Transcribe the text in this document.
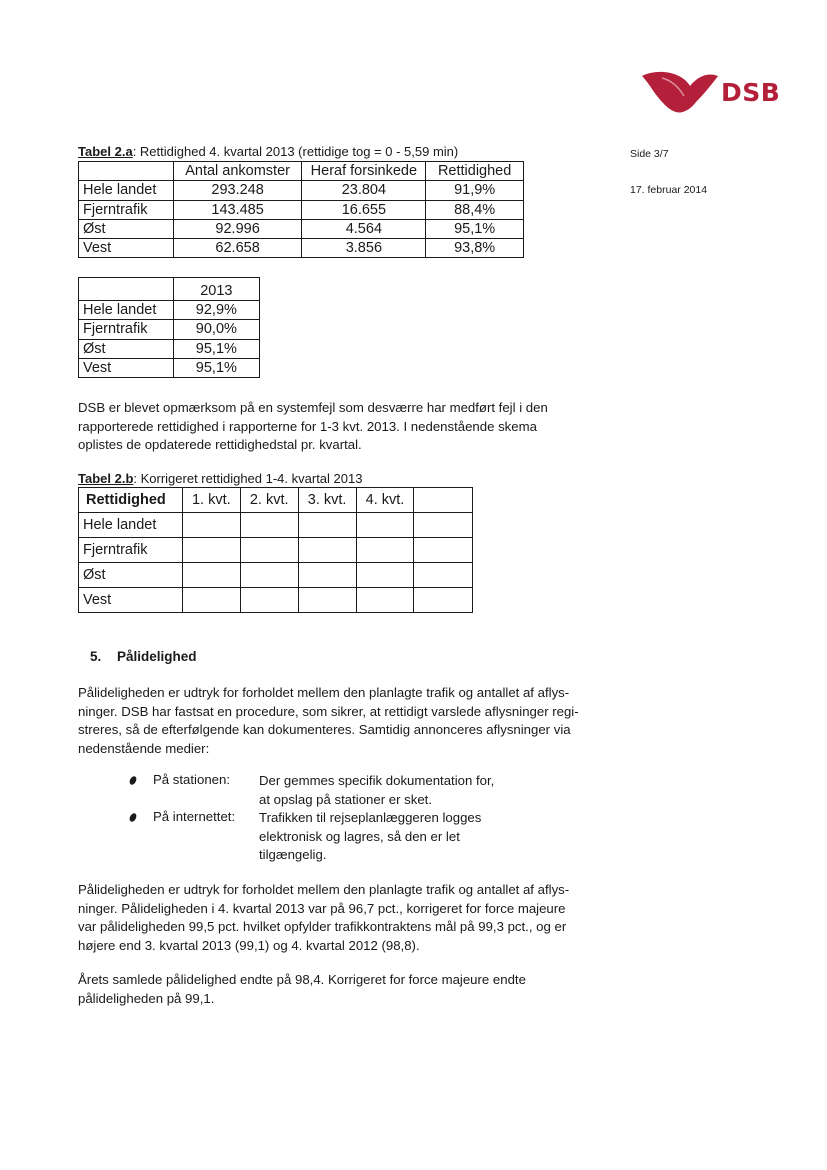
DSB
Side 3/7
17. februar 2014
Tabel 2.a: Rettidighed 4. kvartal 2013 (rettidige tog = 0 - 5,59 min)
	Antal ankomster	Heraf forsinkede	Rettidighed
Hele landet	293.248	23.804	91,9%
Fjerntrafik	143.485	16.655	88,4%
Øst	92.996	4.564	95,1%
Vest	62.658	3.856	93,8%
	2013
Hele landet	92,9%
Fjerntrafik	90,0%
Øst	95,1%
Vest	95,1%
DSB er blevet opmærksom på en systemfejl som desværre har medført fejl i den
rapporterede rettidighed i rapporterne for 1-3 kvt. 2013. I nedenstående skema
oplistes de opdaterede rettidighedstal pr. kvartal.
Tabel 2.b: Korrigeret rettidighed 1-4. kvartal 2013
Rettidighed	1. kvt.	2. kvt.	3. kvt.	4. kvt.	
Hele landet					
Fjerntrafik					
Øst					
Vest					
5. Pålidelighed
Pålideligheden er udtryk for forholdet mellem den planlagte trafik og antallet af aflys-
ninger. DSB har fastsat en procedure, som sikrer, at rettidigt varslede aflysninger regi-
streres, så de efterfølgende kan dokumenteres. Samtidig annonceres aflysninger via
nedenstående medier:
På stationen: Der gemmes specifik dokumentation for,
at opslag på stationer er sket.
På internettet: Trafikken til rejseplanlæggeren logges
elektronisk og lagres, så den er let
tilgængelig.
Pålideligheden er udtryk for forholdet mellem den planlagte trafik og antallet af aflys-
ninger. Pålideligheden i 4. kvartal 2013 var på 96,7 pct., korrigeret for force majeure
var pålideligheden 99,5 pct. hvilket opfylder trafikkontraktens mål på 99,3 pct., og er
højere end 3. kvartal 2013 (99,1) og 4. kvartal 2012 (98,8).
Årets samlede pålidelighed endte på 98,4. Korrigeret for force majeure endte
pålideligheden på 99,1.
